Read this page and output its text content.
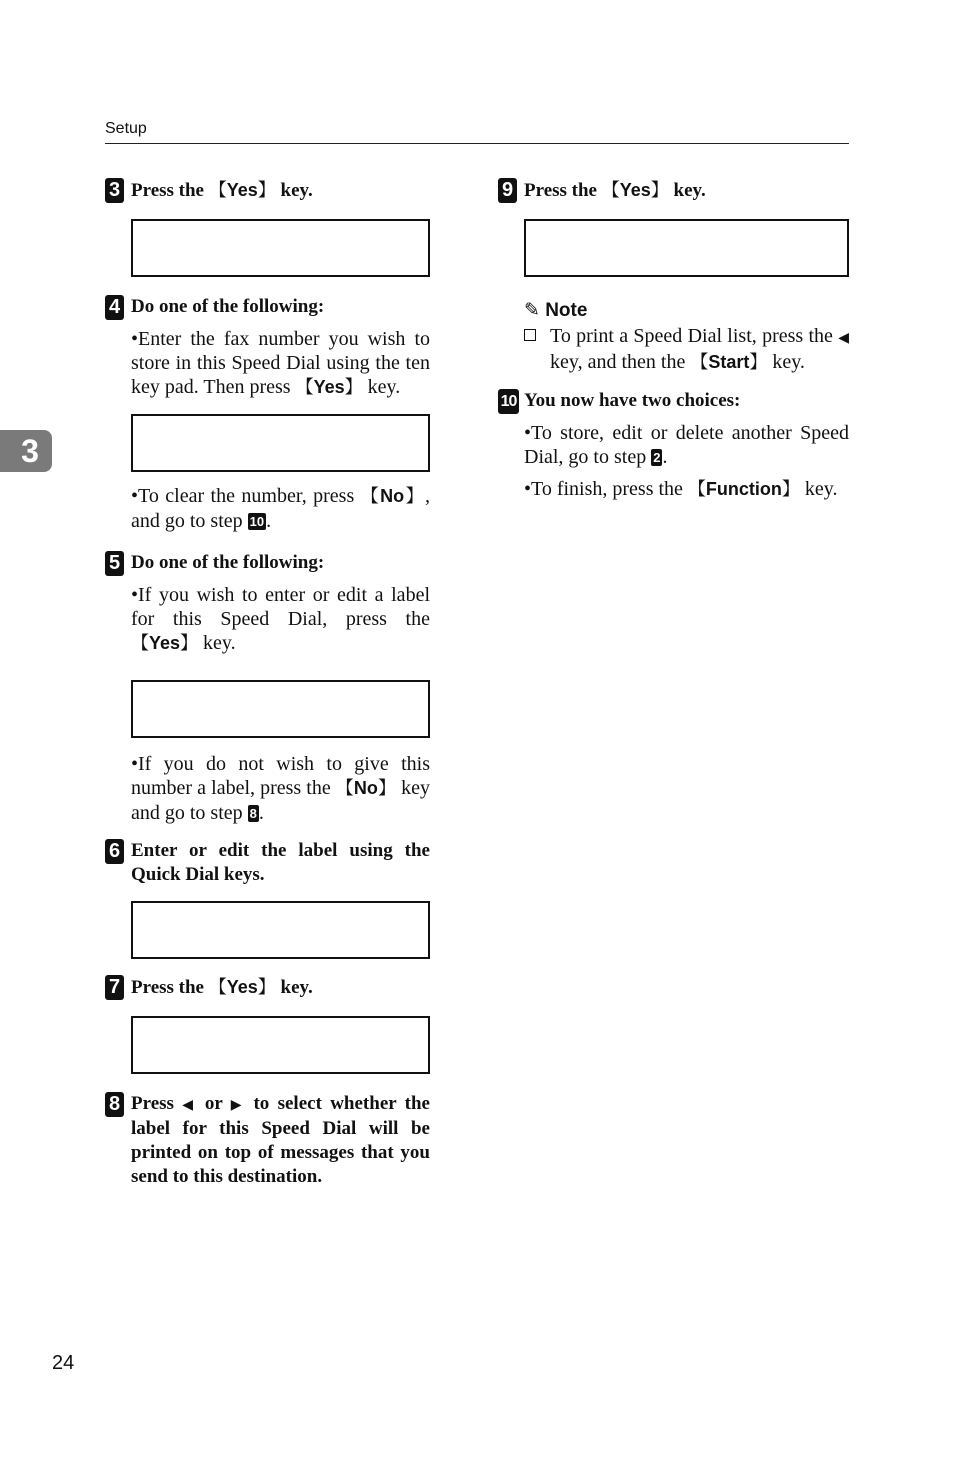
Setup
3
3 Press the 【Yes】 key.

4 Do one of the following:
•Enter the fax number you wish to store in this Speed Dial using the ten key pad. Then press 【Yes】 key.

•To clear the number, press 【No】, and go to step 10 .
5 Do one of the following:
•If you wish to enter or edit a label for this Speed Dial, press the 【Yes】 key.

•If you do not wish to give this number a label, press the 【No】 key and go to step 8 .
6 Enter or edit the label using the Quick Dial keys.

7 Press the 【Yes】 key.

8 Press ◀ or ▶ to select whether the label for this Speed Dial will be printed on top of messages that you send to this destination.
9 Press the 【Yes】 key.

✎ Note
To print a Speed Dial list, press the ◀ key, and then the 【Start】 key.
10 You now have two choices:
•To store, edit or delete another Speed Dial, go to step 2 .
•To finish, press the 【Function】 key.
24
